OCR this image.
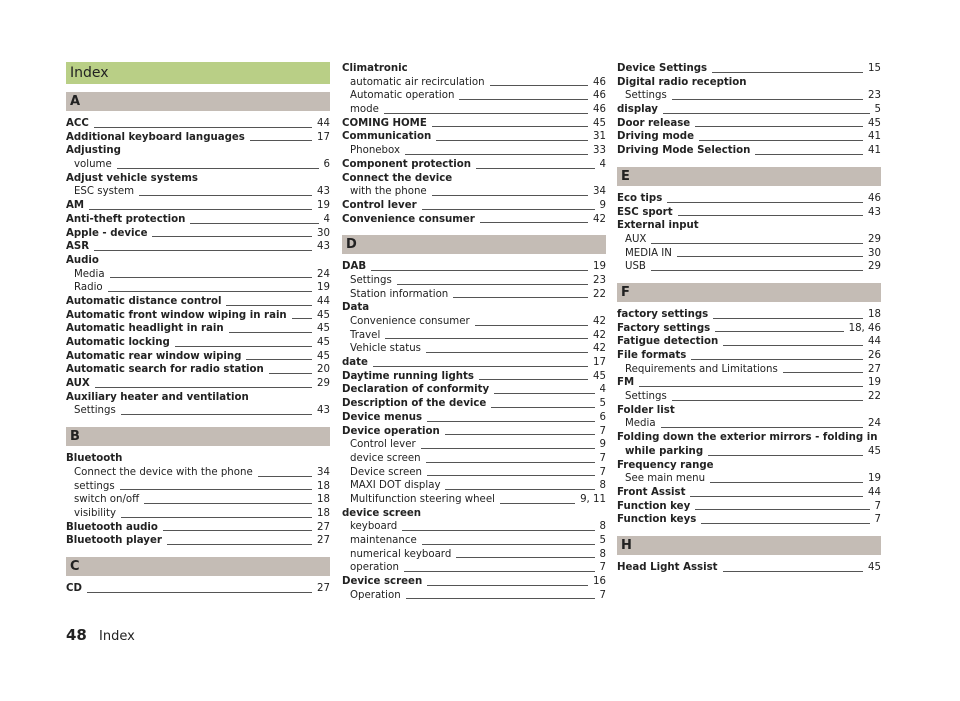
Index
A
ACC	44
Additional keyboard languages	17
Adjusting
volume	6
Adjust vehicle systems
ESC system	43
AM	19
Anti-theft protection	4
Apple - device	30
ASR	43
Audio
Media	24
Radio	19
Automatic distance control	44
Automatic front window wiping in rain	45
Automatic headlight in rain	45
Automatic locking	45
Automatic rear window wiping	45
Automatic search for radio station	20
AUX	29
Auxiliary heater and ventilation
Settings	43
B
Bluetooth
Connect the device with the phone	34
settings	18
switch on/off	18
visibility	18
Bluetooth audio	27
Bluetooth player	27
C
CD	27
Climatronic
automatic air recirculation	46
Automatic operation	46
mode	46
COMING HOME	45
Communication	31
Phonebox	33
Component protection	4
Connect the device
with the phone	34
Control lever	9
Convenience consumer	42
D
DAB	19
Settings	23
Station information	22
Data
Convenience consumer	42
Travel	42
Vehicle status	42
date	17
Daytime running lights	45
Declaration of conformity	4
Description of the device	5
Device menus	6
Device operation	7
Control lever	9
device screen	7
Device screen	7
MAXI DOT display	8
Multifunction steering wheel	9, 11
device screen
keyboard	8
maintenance	5
numerical keyboard	8
operation	7
Device screen	16
Operation	7
Device Settings	15
Digital radio reception
Settings	23
display	5
Door release	45
Driving mode	41
Driving Mode Selection	41
E
Eco tips	46
ESC sport	43
External input
AUX	29
MEDIA IN	30
USB	29
F
factory settings	18
Factory settings	18, 46
Fatigue detection	44
File formats	26
Requirements and Limitations	27
FM	19
Settings	22
Folder list
Media	24
Folding down the exterior mirrors - folding in
while parking	45
Frequency range
See main menu	19
Front Assist	44
Function key	7
Function keys	7
H
Head Light Assist	45
48 Index
